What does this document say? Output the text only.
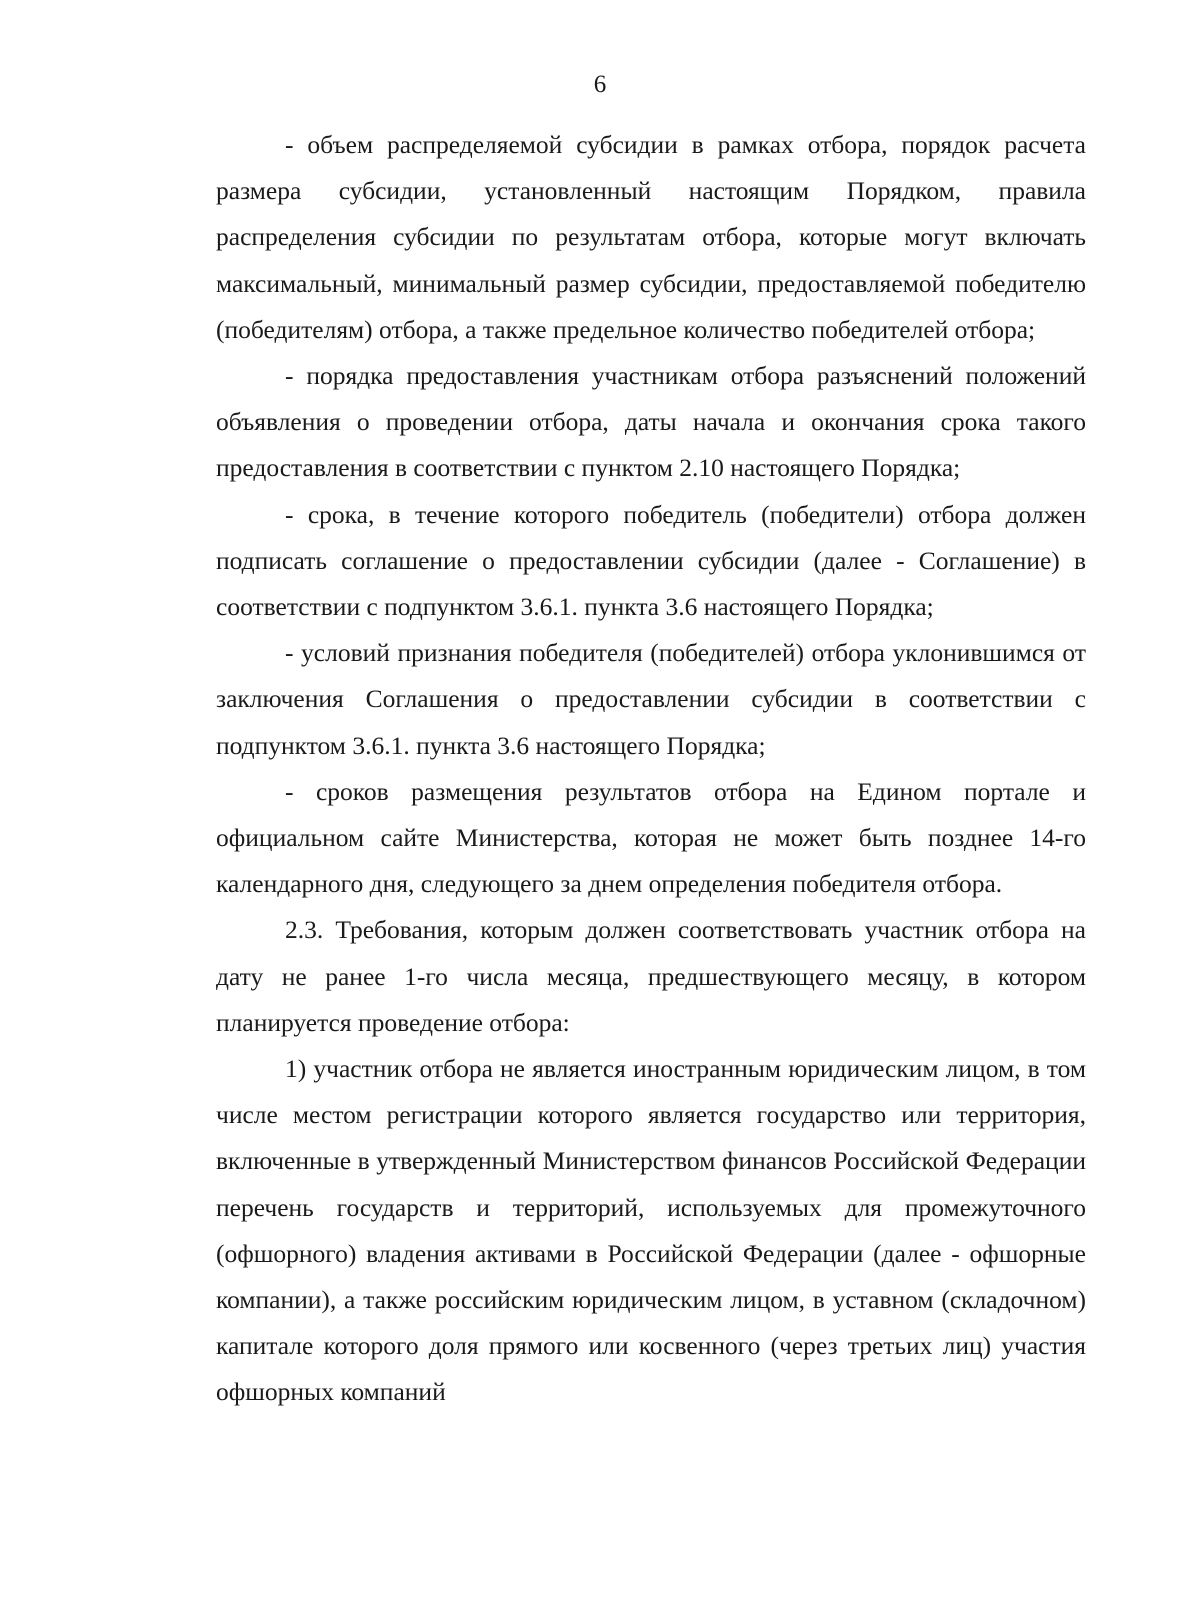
6

- объем распределяемой субсидии в рамках отбора, порядок расчета размера субсидии, установленный настоящим Порядком, правила распределения субсидии по результатам отбора, которые могут включать максимальный, минимальный размер субсидии, предоставляемой победителю (победителям) отбора, а также предельное количество победителей отбора;

- порядка предоставления участникам отбора разъяснений положений объявления о проведении отбора, даты начала и окончания срока такого предоставления в соответствии с пунктом 2.10 настоящего Порядка;

- срока, в течение которого победитель (победители) отбора должен подписать соглашение о предоставлении субсидии (далее - Соглашение) в соответствии с подпунктом 3.6.1. пункта 3.6 настоящего Порядка;

- условий признания победителя (победителей) отбора уклонившимся от заключения Соглашения о предоставлении субсидии в соответствии с подпунктом 3.6.1. пункта 3.6 настоящего Порядка;

- сроков размещения результатов отбора на Едином портале и официальном сайте Министерства, которая не может быть позднее 14-го календарного дня, следующего за днем определения победителя отбора.

2.3. Требования, которым должен соответствовать участник отбора на дату не ранее 1-го числа месяца, предшествующего месяцу, в котором планируется проведение отбора:

1) участник отбора не является иностранным юридическим лицом, в том числе местом регистрации которого является государство или территория, включенные в утвержденный Министерством финансов Российской Федерации перечень государств и территорий, используемых для промежуточного (офшорного) владения активами в Российской Федерации (далее - офшорные компании), а также российским юридическим лицом, в уставном (складочном) капитале которого доля прямого или косвенного (через третьих лиц) участия офшорных компаний
